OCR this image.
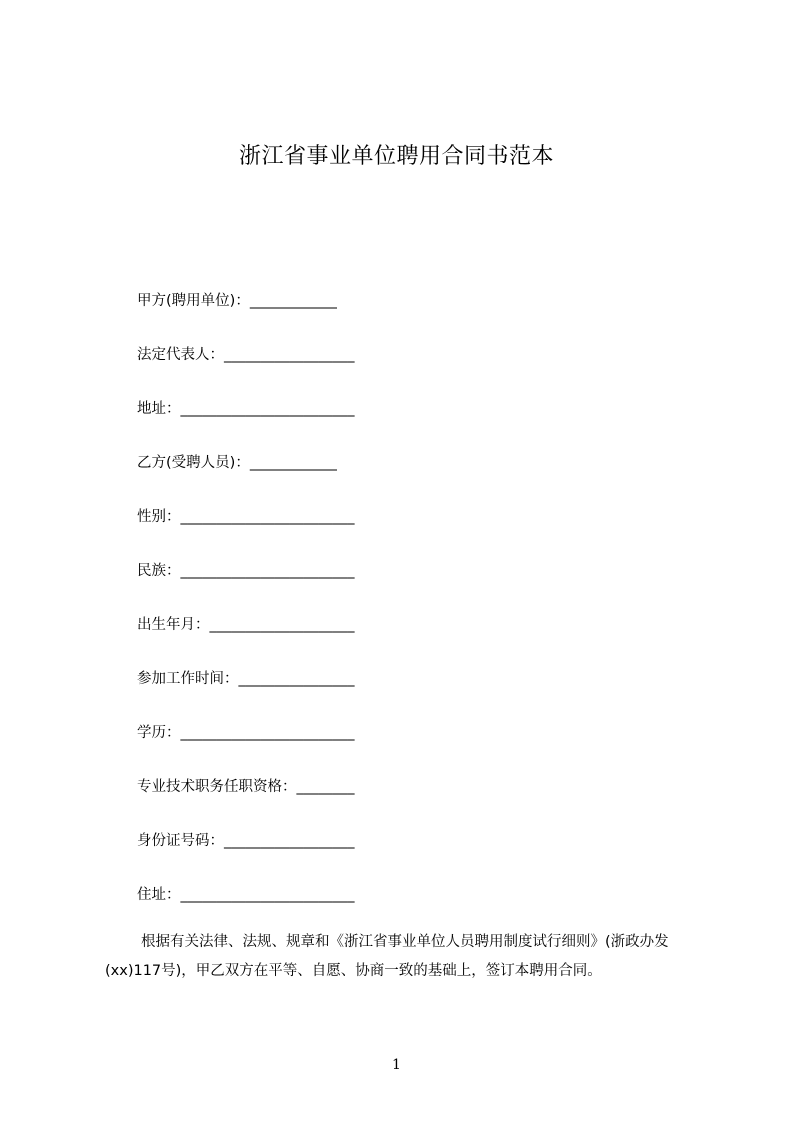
浙江省事业单位聘用合同书范本
甲方(聘用单位)： ____________
法定代表人： __________________
地址： ________________________
乙方(受聘人员)： ____________
性别： ________________________
民族： ________________________
出生年月： ____________________
参加工作时间： ________________
学历： ________________________
专业技术职务任职资格： ________
身份证号码： __________________
住址： ________________________

根据有关法律、法规、规章和《浙江省事业单位人员聘用制度试行细则》(浙政办发(xx)117号)，甲乙双方在平等、自愿、协商一致的基础上，签订本聘用合同。

1
